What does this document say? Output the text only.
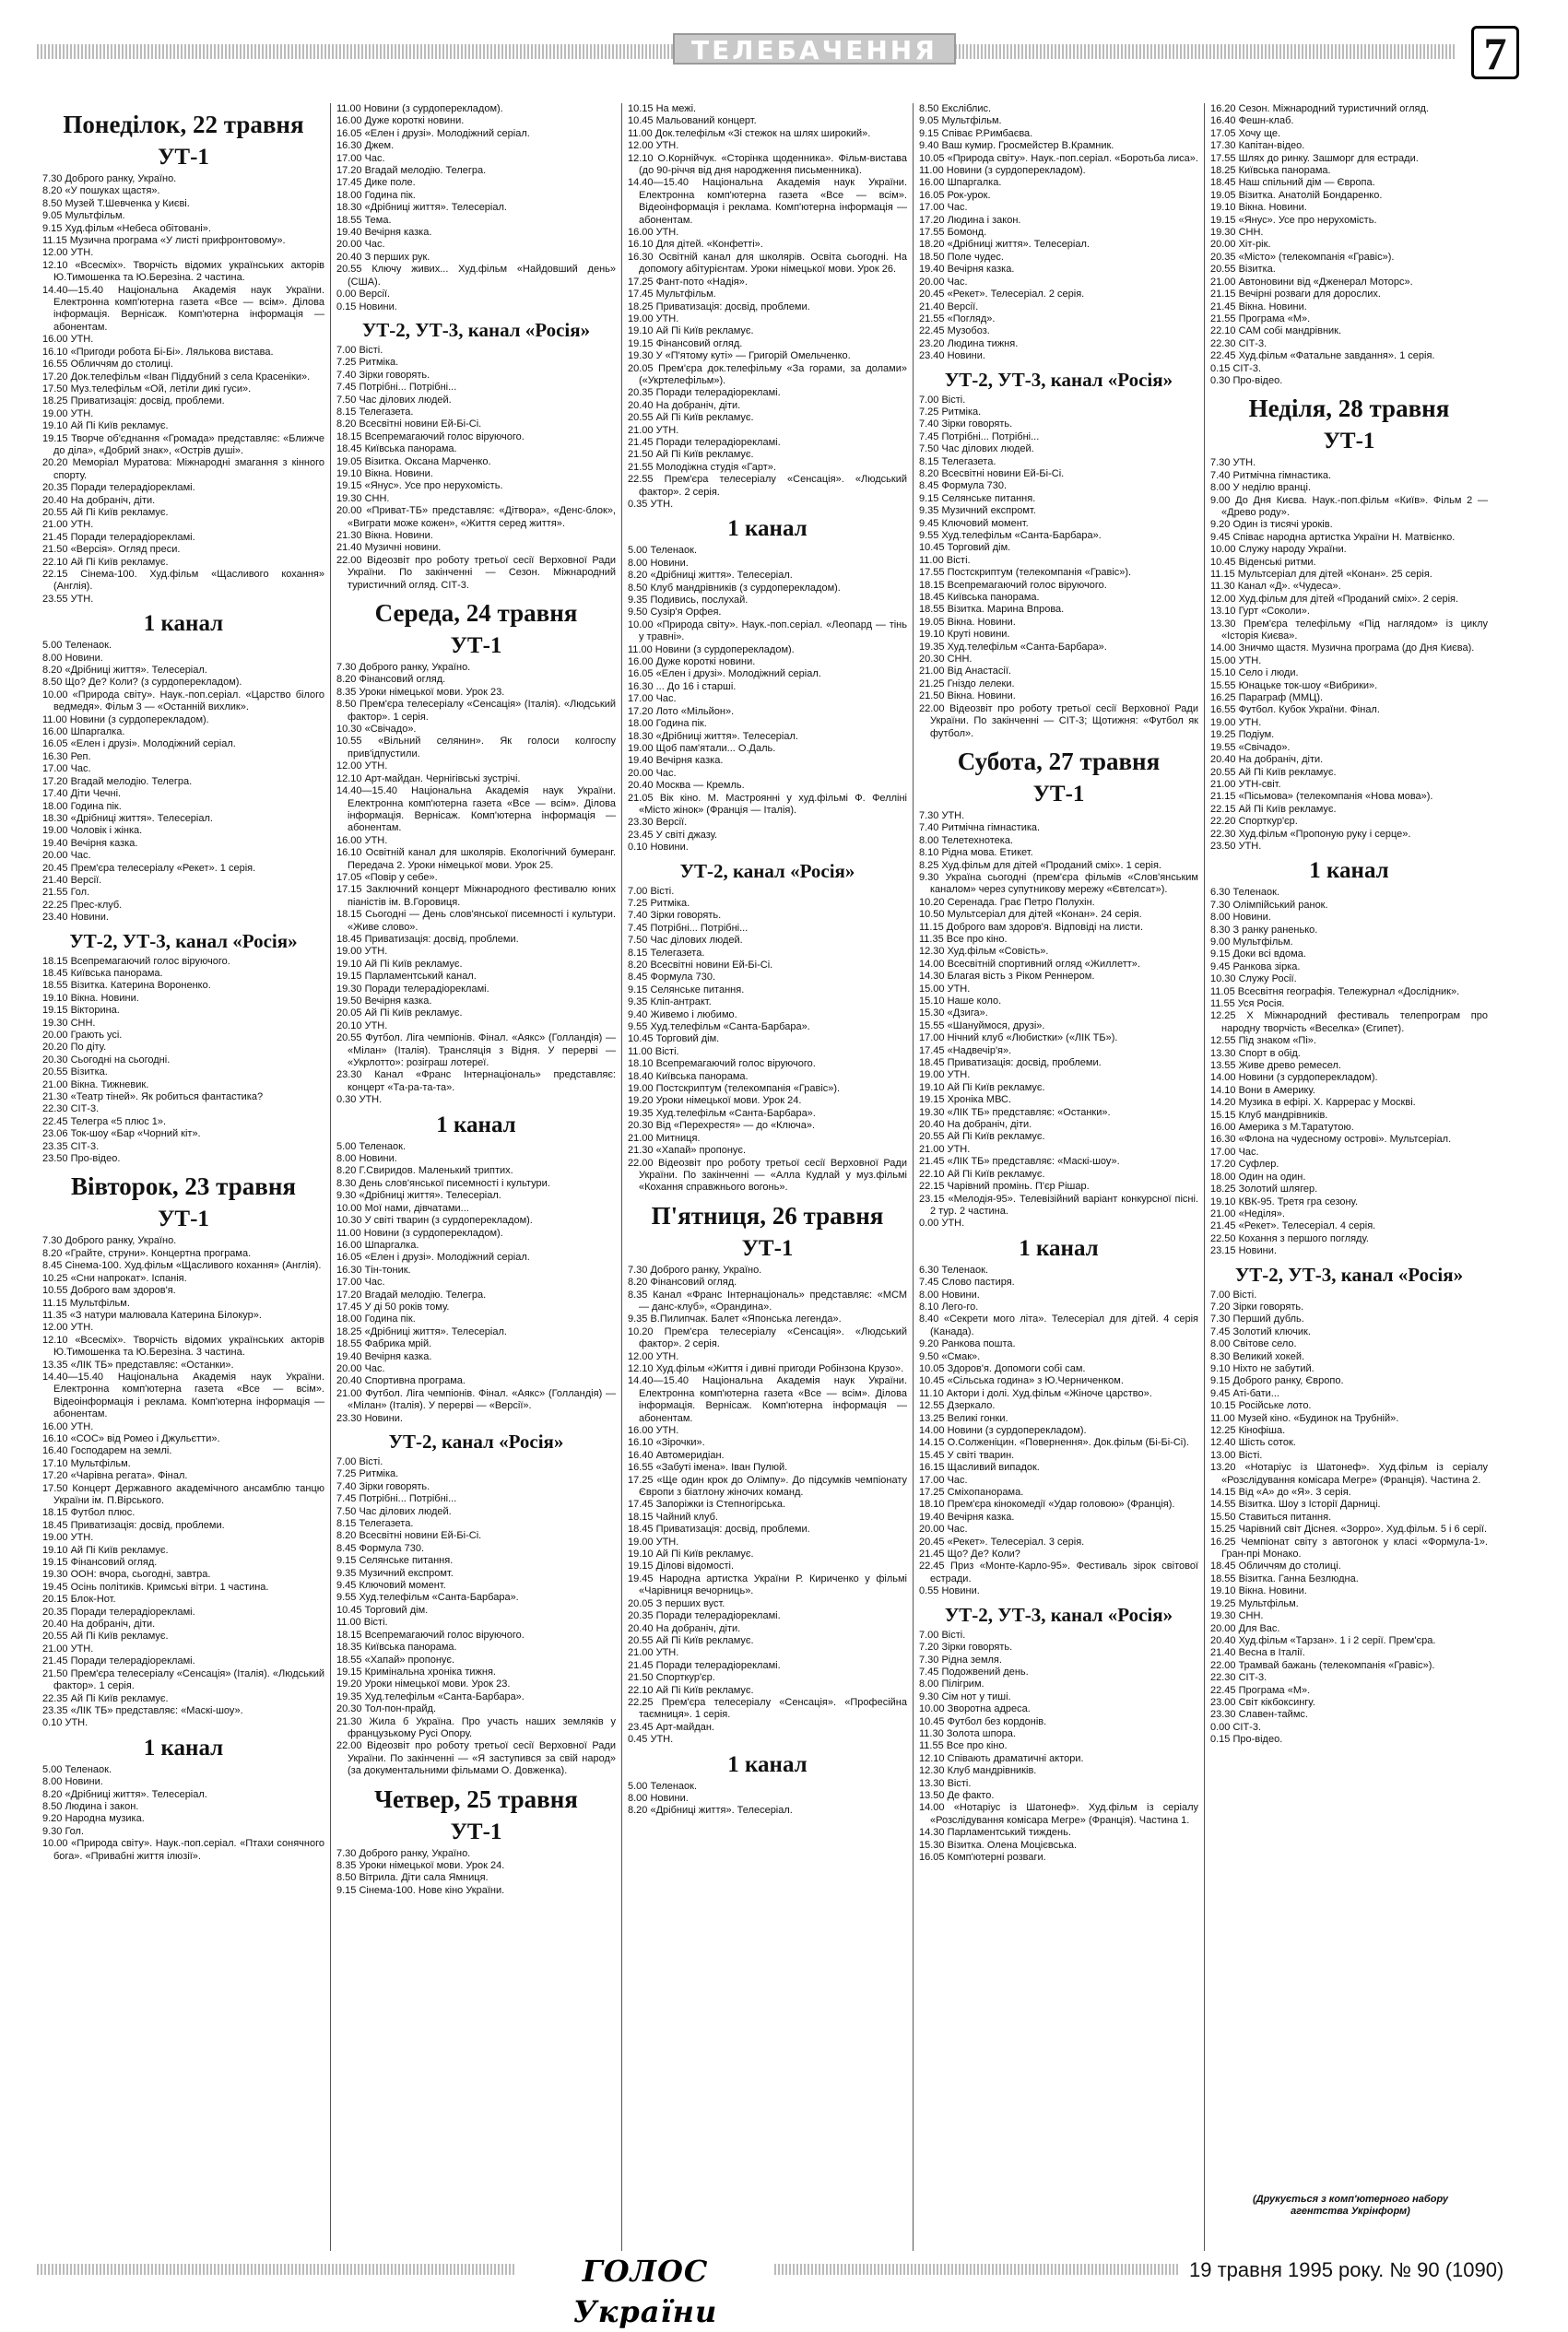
ТЕЛЕБАЧЕННЯ	7
Понеділок, 22 травня
УТ-1
7.30 Доброго ранку, Україно.
8.20 «У пошуках щастя».
8.50 Музей Т.Шевченка у Києві.
9.05 Мультфільм.
9.15 Худ.фільм «Небеса обітовані».
11.15 Музична програма «У листі прифронтовому».
12.00 УТН.
12.10 «Всесміх». Творчість відомих українських акторів Ю.Тимошенка та Ю.Березіна. 2 частина.
14.40—15.40 Національна Академія наук України. Електронна комп'ютерна газета «Все — всім». Ділова інформація. Вернісаж. Комп'ютерна інформація — абонентам.
16.00 УТН.
16.10 «Пригоди робота Бі-Бі». Лялькова вистава.
16.55 Обличчям до столиці.
17.20 Док.телефільм «Іван Піддубний з села Красеніки».
17.50 Муз.телефільм «Ой, летіли дикі гуси».
18.25 Приватизація: досвід, проблеми.
19.00 УТН.
19.10 Ай Пі Київ рекламує.
19.15 Творче об'єднання «Громада» представляє: «Ближче до діла», «Добрий знак», «Острів душі».
20.20 Меморіал Муратова: Міжнародні змагання з кінного спорту.
20.35 Поради телерадіорекламі.
20.40 На добраніч, діти.
20.55 Ай Пі Київ рекламує.
21.00 УТН.
21.45 Поради телерадіорекламі.
21.50 «Версія». Огляд преси.
22.10 Ай Пі Київ рекламує.
22.15 Сінема-100. Худ.фільм «Щасливого кохання» (Англія).
23.55 УТН.
1 канал
5.00 Теленаок.
8.00 Новини.
8.20 «Дрібниці життя». Телесеріал.
8.50 Що? Де? Коли? (з сурдоперекладом).
10.00 «Природа світу». Наук.-поп.серіал. «Царство білого ведмедя». Фільм 3 — «Останній вихлик».
11.00 Новини (з сурдоперекладом).
16.00 Шпаргалка.
16.05 «Елен і друзі». Молодіжний серіал.
16.30 Реп.
17.00 Час.
17.20 Вгадай мелодію. Телегра.
17.40 Діти Чечні.
18.00 Година пік.
18.30 «Дрібниці життя». Телесеріал.
19.00 Чоловік і жінка.
19.40 Вечірня казка.
20.00 Час.
20.45 Прем'єра телесеріалу «Рекет». 1 серія.
21.40 Версії.
21.55 Гол.
22.25 Прес-клуб.
23.40 Новини.
УТ-2, УТ-3, канал «Росія»
18.15 Всепремагаючий голос віруючого.
18.45 Київська панорама.
18.55 Візитка. Катерина Вороненко.
19.10 Вікна. Новини.
19.15 Вікторина.
19.30 СНН.
20.00 Грають усі.
20.20 По діту.
20.30 Сьогодні на сьогодні.
20.55 Візитка.
21.00 Вікна. Тижневик.
21.30 «Театр тіней». Як робиться фантастика?
22.30 СІТ-3.
22.45 Телегра «5 плюс 1».
23.06 Ток-шоу «Бар «Чорний кіт».
23.35 СІТ-3.
23.50 Про-відео.
Вівторок, 23 травня
УТ-1
7.30 Доброго ранку, Україно.
8.20 «Грайте, струни». Концертна програма.
8.45 Сінема-100. Худ.фільм «Щасливого кохання» (Англія).
10.25 «Сни напрокат». Іспанія.
10.55 Доброго вам здоров'я.
11.15 Мультфільм.
11.35 «З натури малювала Катерина Білокур».
12.00 УТН.
12.10 «Всесміх». Творчість відомих українських акторів Ю.Тимошенка та Ю.Березіна. 3 частина.
13.35 «ЛІК ТБ» представляє: «Останки».
14.40—15.40 Національна Академія наук України. Електронна комп'ютерна газета «Все — всім». Відеоінформація і реклама. Комп'ютерна інформація — абонентам.
16.00 УТН.
16.10 «СОС» від Ромео і Джульєтти».
16.40 Господарем на землі.
17.10 Мультфільм.
17.20 «Чарівна регата». Фінал.
17.50 Концерт Державного академічного ансамблю танцю України ім. П.Вірського.
18.15 Футбол плюс.
18.45 Приватизація: досвід, проблеми.
19.00 УТН.
19.10 Ай Пі Київ рекламує.
19.15 Фінансовий огляд.
19.30 ООН: вчора, сьогодні, завтра.
19.45 Осінь політиків. Кримські вітри. 1 частина.
20.15 Блок-Нот.
20.35 Поради телерадіорекламі.
20.40 На добраніч, діти.
20.55 Ай Пі Київ рекламує.
21.00 УТН.
21.45 Поради телерадіорекламі.
21.50 Прем'єра телесеріалу «Сенсація» (Італія). «Людський фактор». 1 серія.
22.35 Ай Пі Київ рекламує.
23.35 «ЛІК ТБ» представляє: «Маскі-шоу».
0.10 УТН.
1 канал
5.00 Теленаок.
8.00 Новини.
8.20 «Дрібниці життя». Телесеріал.
8.50 Людина і закон.
9.20 Народна музика.
9.30 Гол.
10.00 «Природа світу». Наук.-поп.серіал. «Птахи сонячного бога». «Привабні життя ілюзії».
11.00 Новини (з сурдоперекладом).
16.00 Дуже короткі новини.
16.05 «Елен і друзі». Молодіжний серіал.
16.30 Джем.
17.00 Час.
17.20 Вгадай мелодію. Телегра.
17.45 Дике поле.
18.00 Година пік.
18.30 «Дрібниці життя». Телесеріал.
18.55 Тема.
19.40 Вечірня казка.
20.00 Час.
20.40 З перших рук.
20.55 Ключу живих... Худ.фільм «Найдовший день» (США).
0.00 Версії.
0.15 Новини.
УТ-2, УТ-3, канал «Росія»
7.00 Вісті.
7.25 Ритміка.
7.40 Зірки говорять.
7.45 Потрібні... Потрібні...
7.50 Час ділових людей.
8.15 Телегазета.
8.20 Всесвітні новини Ей-Бі-Сі.
18.15 Всепремагаючий голос віруючого.
18.45 Київська панорама.
19.05 Візитка. Оксана Марченко.
19.10 Вікна. Новини.
19.15 «Янус». Усе про нерухомість.
19.30 СНН.
20.00 «Приват-ТБ» представляє: «Дітвора», «Денс-блок», «Виграти може кожен», «Життя серед життя».
21.30 Вікна. Новини.
21.40 Музичні новини.
22.00 Відеозвіт про роботу третьої сесії Верховної Ради України. По закінченні — Сезон. Міжнародний туристичний огляд. СІТ-3.
Середа, 24 травня
УТ-1
7.30 Доброго ранку, Україно.
8.20 Фінансовий огляд.
8.35 Уроки німецької мови. Урок 23.
8.50 Прем'єра телесеріалу «Сенсація» (Італія). «Людський фактор». 1 серія.
10.30 «Свічадо».
10.55 «Вільний селянин». Як голоси колгоспу прив'ідпустили.
12.00 УТН.
12.10 Арт-майдан. Чернігівські зустрічі.
14.40—15.40 Національна Академія наук України. Електронна комп'ютерна газета «Все — всім». Ділова інформація. Вернісаж. Комп'ютерна інформація — абонентам.
16.00 УТН.
16.10 Освітній канал для школярів. Екологічний бумеранг. Передача 2. Уроки німецької мови. Урок 25.
17.05 «Повір у себе».
17.15 Заключний концерт Міжнародного фестивалю юних піаністів ім. В.Горовиця.
18.15 Сьогодні — День слов'янської писемності і культури. «Живе слово».
18.45 Приватизація: досвід, проблеми.
19.00 УТН.
19.10 Ай Пі Київ рекламує.
19.15 Парламентський канал.
19.30 Поради телерадіорекламі.
19.50 Вечірня казка.
20.05 Ай Пі Київ рекламує.
20.10 УТН.
20.55 Футбол. Ліга чемпіонів. Фінал. «Аякс» (Голландія) — «Мілан» (Італія). Трансляція з Відня. У перерві — «Укрлотто»: розіграш лотереї.
23.30 Канал «Франс Інтернаціональ» представляє: концерт «Та-ра-та-та».
0.30 УТН.
1 канал
5.00 Теленаок.
8.00 Новини.
8.20 Г.Свиридов. Маленький триптих.
8.30 День слов'янської писемності і культури.
9.30 «Дрібниці життя». Телесеріал.
10.00 Мої нами, дівчатами...
10.30 У світі тварин (з сурдоперекладом).
11.00 Новини (з сурдоперекладом).
16.00 Шпаргалка.
16.05 «Елен і друзі». Молодіжний серіал.
16.30 Тін-тоник.
17.00 Час.
17.20 Вгадай мелодію. Телегра.
17.45 У ді 50 років тому.
18.00 Година пік.
18.25 «Дрібниці життя». Телесеріал.
18.55 Фабрика мрій.
19.40 Вечірня казка.
20.00 Час.
20.40 Спортивна програма.
21.00 Футбол. Ліга чемпіонів. Фінал. «Аякс» (Голландія) — «Мілан» (Італія). У перерві — «Версії».
23.30 Новини.
УТ-2, канал «Росія»
7.00 Вісті.
7.25 Ритміка.
7.40 Зірки говорять.
7.45 Потрібні... Потрібні...
7.50 Час ділових людей.
8.15 Телегазета.
8.20 Всесвітні новини Ей-Бі-Сі.
8.45 Формула 730.
9.15 Селянське питання.
9.35 Музичний експромт.
9.45 Ключовий момент.
9.55 Худ.телефільм «Санта-Барбара».
10.45 Торговий дім.
11.00 Вісті.
18.15 Всепремагаючий голос віруючого.
18.35 Київська панорама.
18.55 «Хапай» пропонує.
19.15 Кримінальна хроніка тижня.
19.20 Уроки німецької мови. Урок 23.
19.35 Худ.телефільм «Санта-Барбара».
20.30 Тол-пон-прайд.
21.30 Жила б Україна. Про участь наших земляків у французькому Русі Опору.
22.00 Відеозвіт про роботу третьої сесії Верховної Ради України. По закінченні — «Я заступився за свій народ» (за документальними фільмами О. Довженка).
Четвер, 25 травня
УТ-1
7.30 Доброго ранку, Україно.
8.35 Уроки німецької мови. Урок 24.
8.50 Вітрила. Діти сала Ямниця.
9.15 Сінема-100. Нове кіно України.
10.15 На межі.
10.45 Мальований концерт.
11.00 Док.телефільм «Зі стежок на шлях широкий».
12.00 УТН.
12.10 О.Корнійчук. «Сторінка щоденника». Фільм-вистава (до 90-річчя від дня народження письменника).
14.40—15.40 Національна Академія наук України. Електронна комп'ютерна газета «Все — всім». Відеоінформація і реклама. Комп'ютерна інформація — абонентам.
16.00 УТН.
16.10 Для дітей. «Конфетті».
16.30 Освітній канал для школярів. Освіта сьогодні. На допомогу абітурієнтам. Уроки німецької мови. Урок 26.
17.25 Фант-пото «Надія».
17.45 Мультфільм.
18.25 Приватизація: досвід, проблеми.
19.00 УТН.
19.10 Ай Пі Київ рекламує.
19.15 Фінансовий огляд.
19.30 У «П'ятому куті» — Григорій Омельченко.
20.05 Прем'єра док.телефільму «За горами, за долами» («Укртелефільм»).
20.35 Поради телерадіорекламі.
20.40 На добраніч, діти.
20.55 Ай Пі Київ рекламує.
21.00 УТН.
21.45 Поради телерадіорекламі.
21.50 Ай Пі Київ рекламує.
21.55 Молодіжна студія «Гарт».
22.55 Прем'єра телесеріалу «Сенсація». «Людський фактор». 2 серія.
0.35 УТН.
1 канал
5.00 Теленаок.
8.00 Новини.
8.20 «Дрібниці життя». Телесеріал.
8.50 Клуб мандрівників (з сурдоперекладом).
9.35 Подивись, послухай.
9.50 Сузір'я Орфея.
10.00 «Природа світу». Наук.-поп.серіал. «Леопард — тінь у травні».
11.00 Новини (з сурдоперекладом).
16.00 Дуже короткі новини.
16.05 «Елен і друзі». Молодіжний серіал.
16.30 ... До 16 і старші.
17.00 Час.
17.20 Лото «Мільйон».
18.00 Година пік.
18.30 «Дрібниці життя». Телесеріал.
19.00 Щоб пам'ятали... О.Даль.
19.40 Вечірня казка.
20.00 Час.
20.40 Москва — Кремль.
21.05 Вік кіно. М. Мастроянні у худ.фільмі Ф. Фелліні «Місто жінок» (Франція — Італія).
23.30 Версії.
23.45 У світі джазу.
0.10 Новини.
УТ-2, канал «Росія»
7.00 Вісті.
7.25 Ритміка.
7.40 Зірки говорять.
7.45 Потрібні... Потрібні...
7.50 Час ділових людей.
8.15 Телегазета.
8.20 Всесвітні новини Ей-Бі-Сі.
8.45 Формула 730.
9.15 Селянське питання.
9.35 Кліп-антракт.
9.40 Живемо і любимо.
9.55 Худ.телефільм «Санта-Барбара».
10.45 Торговий дім.
11.00 Вісті.
18.10 Всепремагаючий голос віруючого.
18.40 Київська панорама.
19.00 Постскриптум (телекомпанія «Гравіс»).
19.20 Уроки німецької мови. Урок 24.
19.35 Худ.телефільм «Санта-Барбара».
20.30 Від «Перехрестя» — до «Ключа».
21.00 Митниця.
21.30 «Хапай» пропонує.
22.00 Відеозвіт про роботу третьої сесії Верховної Ради України. По закінченні — «Алла Кудлай у муз.фільмі «Кохання справжнього вогонь».
П'ятниця, 26 травня
УТ-1
7.30 Доброго ранку, Україно.
8.20 Фінансовий огляд.
8.35 Канал «Франс Інтернаціональ» представляє: «МСМ — данс-клуб», «Орандина».
9.35 В.Пилипчак. Балет «Японська легенда».
10.20 Прем'єра телесеріалу «Сенсація». «Людський фактор». 2 серія.
12.00 УТН.
12.10 Худ.фільм «Життя і дивні пригоди Робінзона Крузо».
14.40—15.40 Національна Академія наук України. Електронна комп'ютерна газета «Все — всім». Ділова інформація. Вернісаж. Комп'ютерна інформація — абонентам.
16.00 УТН.
16.10 «Зірочки».
16.40 Автомеридіан.
16.55 «Забуті імена». Іван Пулюй.
17.25 «Ще один крок до Олімпу». До підсумків чемпіонату Європи з біатлону жіночих команд.
17.45 Запоріжки із Степногірська.
18.15 Чайний клуб.
18.45 Приватизація: досвід, проблеми.
19.00 УТН.
19.10 Ай Пі Київ рекламує.
19.15 Ділові відомості.
19.45 Народна артистка України Р. Кириченко у фільмі «Чарівниця вечорниць».
20.05 З перших вуст.
20.35 Поради телерадіорекламі.
20.40 На добраніч, діти.
20.55 Ай Пі Київ рекламує.
21.00 УТН.
21.45 Поради телерадіорекламі.
21.50 Спорткур'єр.
22.10 Ай Пі Київ рекламує.
22.25 Прем'єра телесеріалу «Сенсація». «Професійна таємниця». 1 серія.
23.45 Арт-майдан.
0.45 УТН.
1 канал
5.00 Теленаок.
8.00 Новини.
8.20 «Дрібниці життя». Телесеріал.
8.50 Ексліблис.
9.05 Мультфільм.
9.15 Співає Р.Римбаєва.
9.40 Ваш кумир. Гросмейстер В.Крамник.
10.05 «Природа світу». Наук.-поп.серіал. «Боротьба лиса».
11.00 Новини (з сурдоперекладом).
16.00 Шпаргалка.
16.05 Рок-урок.
17.00 Час.
17.20 Людина і закон.
17.55 Бомонд.
18.20 «Дрібниці життя». Телесеріал.
18.50 Поле чудес.
19.40 Вечірня казка.
20.00 Час.
20.45 «Рекет». Телесеріал. 2 серія.
21.40 Версії.
21.55 «Погляд».
22.45 Музобоз.
23.20 Людина тижня.
23.40 Новини.
УТ-2, УТ-3, канал «Росія»
7.00 Вісті.
7.25 Ритміка.
7.40 Зірки говорять.
7.45 Потрібні... Потрібні...
7.50 Час ділових людей.
8.15 Телегазета.
8.20 Всесвітні новини Ей-Бі-Сі.
8.45 Формула 730.
9.15 Селянське питання.
9.35 Музичний експромт.
9.45 Ключовий момент.
9.55 Худ.телефільм «Санта-Барбара».
10.45 Торговий дім.
11.00 Вісті.
17.55 Постскриптум (телекомпанія «Гравіс»).
18.15 Всепремагаючий голос віруючого.
18.45 Київська панорама.
18.55 Візитка. Марина Впрова.
19.05 Вікна. Новини.
19.10 Круті новини.
19.35 Худ.телефільм «Санта-Барбара».
20.30 СНН.
21.00 Від Анастасії.
21.25 Гніздо лелеки.
21.50 Вікна. Новини.
22.00 Відеозвіт про роботу третьої сесії Верховної Ради України. По закінченні — СІТ-3; Щотижня: «Футбол як футбол».
Субота, 27 травня
УТ-1
7.30 УТН.
7.40 Ритмічна гімнастика.
8.00 Телетехнотека.
8.10 Рідна мова. Етикет.
8.25 Худ.фільм для дітей «Проданий сміх». 1 серія.
9.30 Україна сьогодні (прем'єра фільмів «Слов'янським каналом» через супутникову мережу «Євтелсат»).
10.20 Серенада. Грає Петро Полухін.
10.50 Мультсеріал для дітей «Конан». 24 серія.
11.15 Доброго вам здоров'я. Відповіді на листи.
11.35 Все про кіно.
12.30 Худ.фільм «Совість».
14.00 Всесвітній спортивний огляд «Жиллетт».
14.30 Благая вість з Ріком Реннером.
15.00 УТН.
15.10 Наше коло.
15.30 «Дзига».
15.55 «Шануймося, друзі».
17.00 Нічний клуб «Любистки» («ЛІК ТБ»).
17.45 «Надвечір'я».
18.45 Приватизація: досвід, проблеми.
19.00 УТН.
19.10 Ай Пі Київ рекламує.
19.15 Хроніка МВС.
19.30 «ЛІК ТБ» представляє: «Останки».
20.40 На добраніч, діти.
20.55 Ай Пі Київ рекламує.
21.00 УТН.
21.45 «ЛІК ТБ» представляє: «Маскі-шоу».
22.10 Ай Пі Київ рекламує.
22.15 Чарівний промінь. П'єр Рішар.
23.15 «Мелодія-95». Телевізійний варіант конкурсної пісні. 2 тур. 2 частина.
0.00 УТН.
1 канал
6.30 Теленаок.
7.45 Слово пастиря.
8.00 Новини.
8.10 Лего-го.
8.40 «Секрети мого літа». Телесеріал для дітей. 4 серія (Канада).
9.20 Ранкова пошта.
9.50 «Смак».
10.05 Здоров'я. Допомоги собі сам.
10.45 «Сільська година» з Ю.Черниченком.
11.10 Актори і долі. Худ.фільм «Жіноче царство».
12.55 Дзеркало.
13.25 Великі гонки.
14.00 Новини (з сурдоперекладом).
14.15 О.Солженіцин. «Повернення». Док.фільм (Бі-Бі-Сі).
15.45 У світі тварин.
16.15 Щасливий випадок.
17.00 Час.
17.25 Сміхопанорама.
18.10 Прем'єра кінокомедії «Удар головою» (Франція).
19.40 Вечірня казка.
20.00 Час.
20.45 «Рекет». Телесеріал. 3 серія.
21.45 Що? Де? Коли?
22.45 Приз «Монте-Карло-95». Фестиваль зірок світової естради.
0.55 Новини.
УТ-2, УТ-3, канал «Росія»
7.00 Вісті.
7.20 Зірки говорять.
7.30 Рідна земля.
7.45 Подожвений день.
8.00 Пілігрим.
9.30 Сім нот у тиші.
10.00 Зворотна адреса.
10.45 Футбол без кордонів.
11.30 Золота шпора.
11.55 Все про кіно.
12.10 Співають драматичні актори.
12.30 Клуб мандрівників.
13.30 Вісті.
13.50 Де факто.
14.00 «Нотаріус із Шатонеф». Худ.фільм із серіалу «Розслідування комісара Мегре» (Франція). Частина 1.
14.30 Парламентський тиждень.
15.30 Візитка. Олена Моцієвська.
16.05 Комп'ютерні розваги.
16.20 Сезон. Міжнародний туристичний огляд.
16.40 Фешн-клаб.
17.05 Хочу ще.
17.30 Капітан-відео.
17.55 Шлях до ринку. Зашморг для естради.
18.25 Київська панорама.
18.45 Наш спільний дім — Європа.
19.05 Візитка. Анатолій Бондаренко.
19.10 Вікна. Новини.
19.15 «Янус». Усе про нерухомість.
19.30 СНН.
20.00 Хіт-рік.
20.35 «Місто» (телекомпанія «Гравіс»).
20.55 Візитка.
21.00 Автоновини від «Дженерал Моторс».
21.15 Вечірні розваги для дорослих.
21.45 Вікна. Новини.
21.55 Програма «М».
22.10 САМ собі мандрівник.
22.30 СІТ-3.
22.45 Худ.фільм «Фатальне завдання». 1 серія.
0.15 СІТ-3.
0.30 Про-відео.
Неділя, 28 травня
УТ-1
7.30 УТН.
7.40 Ритмічна гімнастика.
8.00 У неділю вранці.
9.00 До Дня Києва. Наук.-поп.фільм «Київ». Фільм 2 — «Древо роду».
9.20 Один із тисячі уроків.
9.45 Співає народна артистка України Н. Матвієнко.
10.00 Служу народу України.
10.45 Віденські ритми.
11.15 Мультсеріал для дітей «Конан». 25 серія.
11.30 Канал «Д». «Чудеса».
12.00 Худ.фільм для дітей «Проданий сміх». 2 серія.
13.10 Гурт «Соколи».
13.30 Прем'єра телефільму «Під наглядом» із циклу «Історія Києва».
14.00 Зничмо щастя. Музична програма (до Дня Києва).
15.00 УТН.
15.10 Село і люди.
15.55 Юнацьке ток-шоу «Вибрики».
16.25 Параграф (ММЦ).
16.55 Футбол. Кубок України. Фінал.
19.00 УТН.
19.25 Подіум.
19.55 «Свічадо».
20.40 На добраніч, діти.
20.55 Ай Пі Київ рекламує.
21.00 УТН-світ.
21.15 «Пісьмова» (телекомпанія «Нова мова»).
22.15 Ай Пі Київ рекламує.
22.20 Спорткур'єр.
22.30 Худ.фільм «Пропоную руку і серце».
23.50 УТН.
1 канал
6.30 Теленаок.
7.30 Олімпійський ранок.
8.00 Новини.
8.30 З ранку раненько.
9.00 Мультфільм.
9.15 Доки всі вдома.
9.45 Ранкова зірка.
10.30 Служу Росії.
11.05 Всесвітня географія. Тележурнал «Дослідник».
11.55 Уся Росія.
12.25 X Міжнародний фестиваль телепрограм про народну творчість «Веселка» (Єгипет).
12.55 Під знаком «Пі».
13.30 Спорт в обід.
13.55 Живе древо ремесел.
14.00 Новини (з сурдоперекладом).
14.10 Вони в Америку.
14.20 Музика в ефірі. Х. Каррерас у Москві.
15.15 Клуб мандрівників.
16.00 Америка з М.Таратутою.
16.30 «Флона на чудесному острові». Мультсеріал.
17.00 Час.
17.20 Суфлер.
18.00 Один на один.
18.25 Золотий шлягер.
19.10 КВК-95. Третя гра сезону.
21.00 «Неділя».
21.45 «Рекет». Телесеріал. 4 серія.
22.50 Кохання з першого погляду.
23.15 Новини.
УТ-2, УТ-3, канал «Росія»
7.00 Вісті.
7.20 Зірки говорять.
7.30 Перший дубль.
7.45 Золотий ключик.
8.00 Світове село.
8.30 Великий хокей.
9.10 Ніхто не забутий.
9.15 Доброго ранку, Європо.
9.45 Аті-бати...
10.15 Російське лото.
11.00 Музей кіно. «Будинок на Трубній».
12.25 Кінофіша.
12.40 Шість соток.
13.00 Вісті.
13.20 «Нотаріус із Шатонеф». Худ.фільм із серіалу «Розслідування комісара Мегре» (Франція). Частина 2.
14.15 Від «А» до «Я». 3 серія.
14.55 Візитка. Шоу з Історії Дарниці.
15.50 Ставиться питання.
15.25 Чарівний світ Діснея. «Зорро». Худ.фільм. 5 і 6 серії.
16.25 Чемпіонат світу з автогонок у класі «Формула-1». Гран-прі Монако.
18.45 Обличчям до столиці.
18.55 Візитка. Ганна Безлюдна.
19.10 Вікна. Новини.
19.25 Мультфільм.
19.30 СНН.
20.00 Для Вас.
20.40 Худ.фільм «Тарзан». 1 і 2 серії. Прем'єра.
21.40 Весна в Італії.
22.00 Трамвай бажань (телекомпанія «Гравіс»).
22.30 СІТ-3.
22.45 Програма «М».
23.00 Світ кікбоксингу.
23.30 Славен-таймс.
0.00 СІТ-3.
0.15 Про-відео.
(Друкується з комп'ютерного набору агентства Укрінформ)
ГОЛОС України
19 травня 1995 року. № 90 (1090)
